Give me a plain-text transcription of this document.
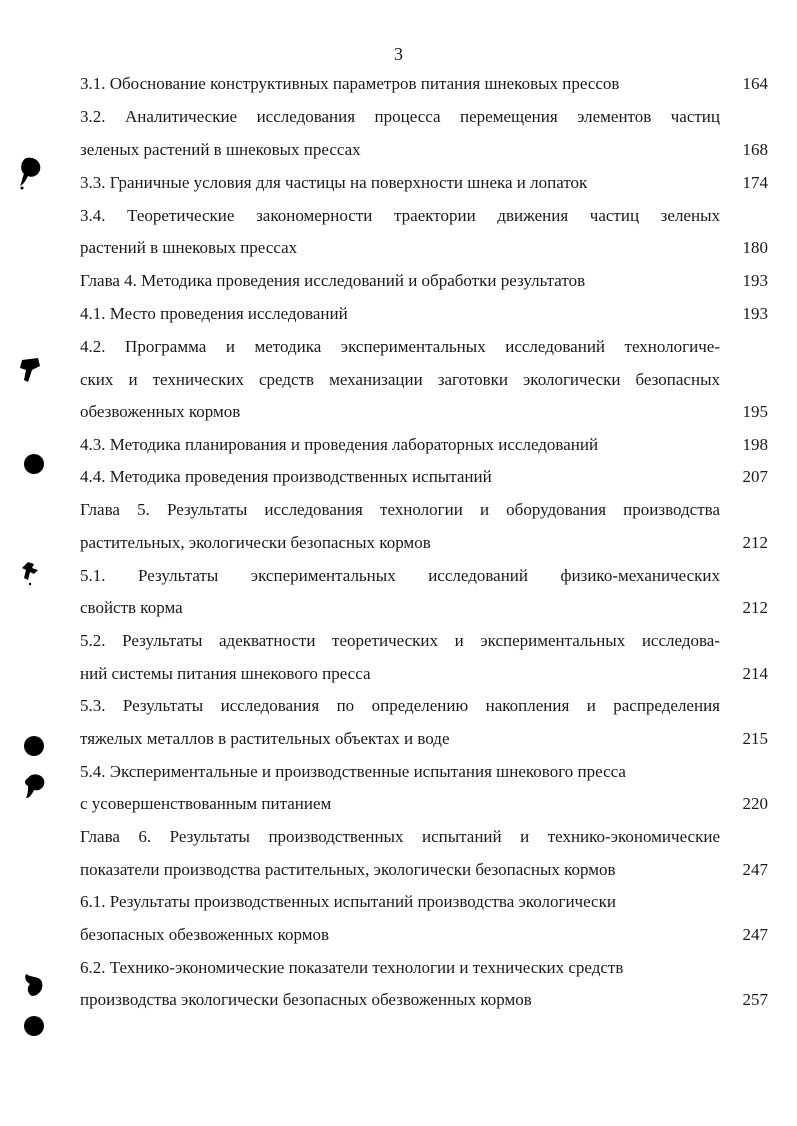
3
3.1. Обоснование конструктивных параметров питания шнековых прессов	164
3.2. Аналитические исследования процесса перемещения элементов частиц
зеленых растений в шнековых прессах	168
3.3. Граничные условия для частицы на поверхности шнека и лопаток	174
3.4. Теоретические закономерности траектории движения частиц зеленых
растений в шнековых прессах	180
Глава 4. Методика проведения исследований и обработки результатов	193
4.1. Место проведения исследований	193
4.2. Программа и методика экспериментальных исследований технологиче-
ских и технических средств механизации заготовки экологически безопасных
обезвоженных кормов	195
4.3. Методика планирования и проведения лабораторных исследований	198
4.4. Методика проведения производственных испытаний	207
Глава 5. Результаты исследования технологии и оборудования производства
растительных, экологически безопасных кормов	212
5.1. Результаты экспериментальных исследований физико-механических
свойств корма	212
5.2. Результаты адекватности теоретических и экспериментальных исследова-
ний системы питания шнекового пресса	214
5.3. Результаты исследования по определению накопления и распределения
тяжелых металлов в растительных объектах и воде	215
5.4. Экспериментальные и производственные испытания шнекового пресса
с усовершенствованным питанием	220
Глава 6. Результаты производственных испытаний и технико-экономические
показатели производства растительных, экологически безопасных кормов	247
6.1. Результаты производственных испытаний производства экологически
безопасных обезвоженных кормов	247
6.2. Технико-экономические показатели технологии и технических средств
производства экологически безопасных обезвоженных кормов	257
